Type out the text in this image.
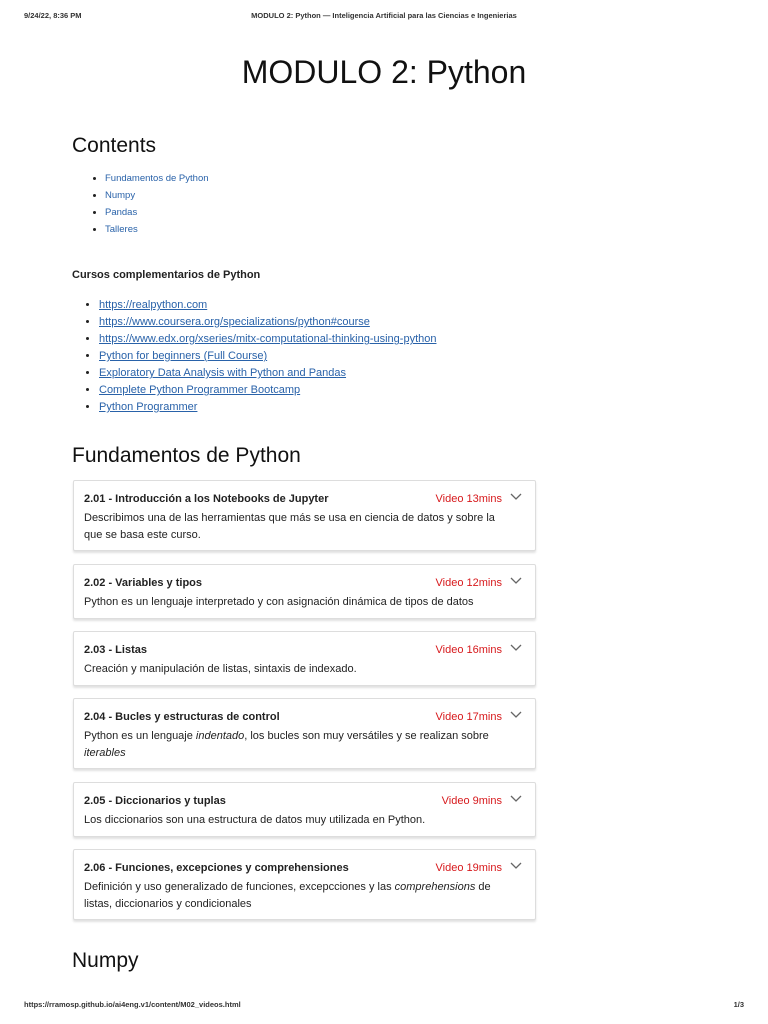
9/24/22, 8:36 PM	MODULO 2: Python — Inteligencia Artificial para las Ciencias e Ingenierias
MODULO 2: Python
Contents
• Fundamentos de Python
• Numpy
• Pandas
• Talleres
Cursos complementarios de Python
• https://realpython.com
• https://www.coursera.org/specializations/python#course
• https://www.edx.org/xseries/mitx-computational-thinking-using-python
• Python for beginners (Full Course)
• Exploratory Data Analysis with Python and Pandas
• Complete Python Programmer Bootcamp
• Python Programmer
Fundamentos de Python
2.01 - Introducción a los Notebooks de Jupyter	Video 13mins
Describimos una de las herramientas que más se usa en ciencia de datos y sobre la que se basa este curso.
2.02 - Variables y tipos	Video 12mins
Python es un lenguaje interpretado y con asignación dinámica de tipos de datos
2.03 - Listas	Video 16mins
Creación y manipulación de listas, sintaxis de indexado.
2.04 - Bucles y estructuras de control	Video 17mins
Python es un lenguaje indentado, los bucles son muy versátiles y se realizan sobre iterables
2.05 - Diccionarios y tuplas	Video 9mins
Los diccionarios son una estructura de datos muy utilizada en Python.
2.06 - Funciones, excepciones y comprehensiones	Video 19mins
Definición y uso generalizado de funciones, excepcciones y las comprehensions de listas, diccionarios y condicionales
Numpy
https://rramosp.github.io/ai4eng.v1/content/M02_videos.html	1/3
